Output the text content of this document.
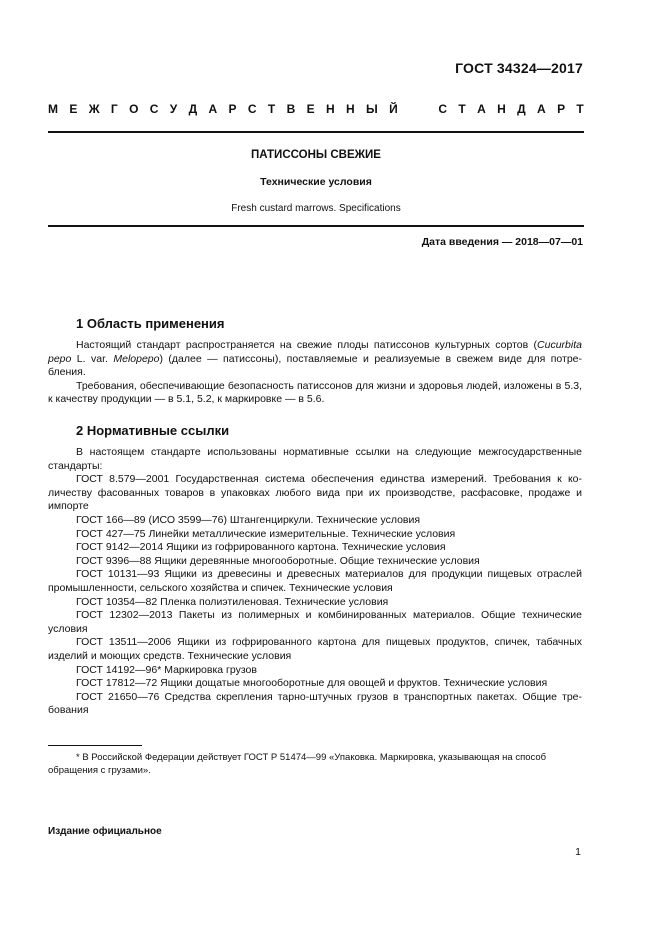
ГОСТ 34324—2017
М Е Ж Г О С У Д А Р С Т В Е Н Н Ы Й

	С Т А Н Д А Р Т
ПАТИССОНЫ СВЕЖИЕ
Технические условия
Fresh custard marrows. Specifications
Дата введения — 2018—07—01
1 Область применения

Настоящий стандарт распространяется на свежие плоды патиссонов культурных сортов (Cucurbita pepo L. var. Melopepo) (далее — патиссоны), поставляемые и реализуемые в свежем виде для потре-бления.

Требования, обеспечивающие безопасность патиссонов для жизни и здоровья людей, изложены в 5.3, к качеству продукции — в 5.1, 5.2, к маркировке — в 5.6.

2 Нормативные ссылки

В настоящем стандарте использованы нормативные ссылки на следующие межгосударственные стандарты:

ГОСТ 8.579—2001 Государственная система обеспечения единства измерений. Требования к ко-личеству фасованных товаров в упаковках любого вида при их производстве, расфасовке, продаже и импорте

ГОСТ 166—89 (ИСО 3599—76) Штангенциркули. Технические условия

ГОСТ 427—75 Линейки металлические измерительные. Технические условия

ГОСТ 9142—2014 Ящики из гофрированного картона. Технические условия

ГОСТ 9396—88 Ящики деревянные многооборотные. Общие технические условия

ГОСТ 10131—93 Ящики из древесины и древесных материалов для продукции пищевых отраслей промышленности, сельского хозяйства и спичек. Технические условия

ГОСТ 10354—82 Пленка полиэтиленовая. Технические условия

ГОСТ 12302—2013 Пакеты из полимерных и комбинированных материалов. Общие технические условия

ГОСТ 13511—2006 Ящики из гофрированного картона для пищевых продуктов, спичек, табачных изделий и моющих средств. Технические условия

ГОСТ 14192—96* Маркировка грузов

ГОСТ 17812—72 Ящики дощатые многооборотные для овощей и фруктов. Технические условия

ГОСТ 21650—76 Средства скрепления тарно-штучных грузов в транспортных пакетах. Общие тре-бования

* В Российской Федерации действует ГОСТ Р 51474—99 «Упаковка. Маркировка, указывающая на способ обращения с грузами».

Издание официальное
1
